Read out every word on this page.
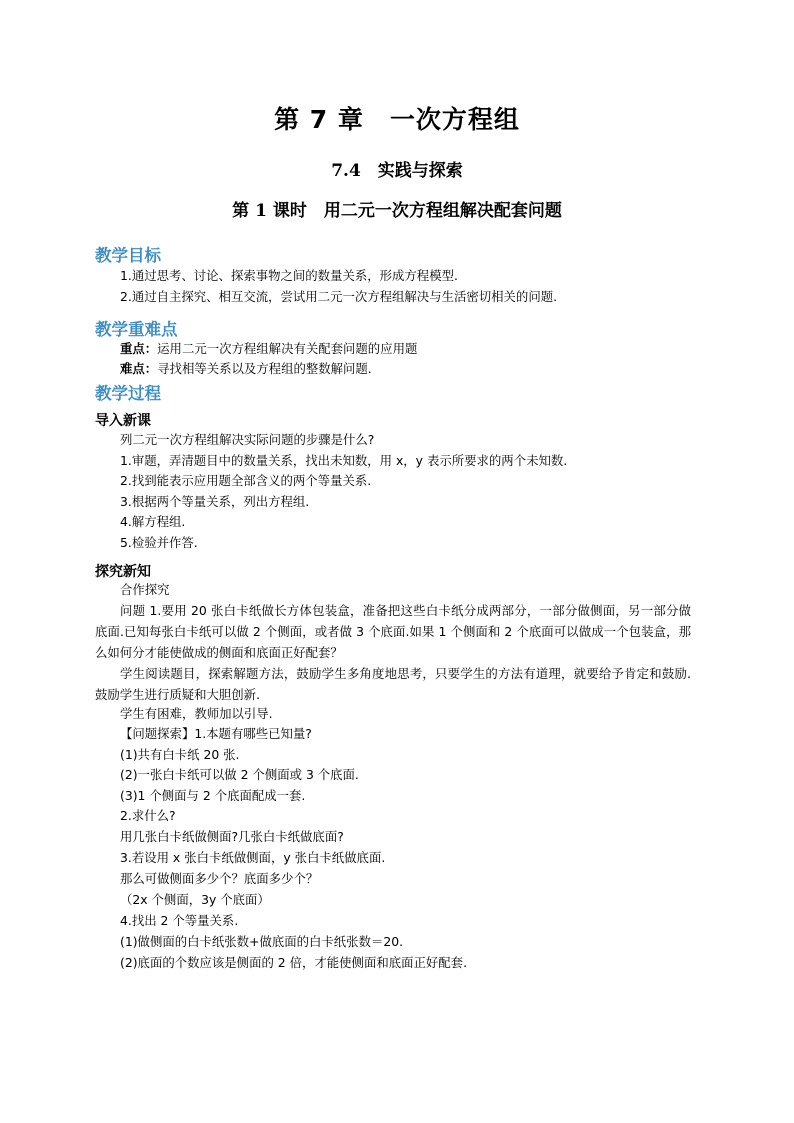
第 7 章　一次方程组
7.4　实践与探索
第 1 课时　用二元一次方程组解决配套问题
教学目标
1.通过思考、讨论、探索事物之间的数量关系，形成方程模型.
2.通过自主探究、相互交流，尝试用二元一次方程组解决与生活密切相关的问题.
教学重难点
重点：运用二元一次方程组解决有关配套问题的应用题
难点：寻找相等关系以及方程组的整数解问题.
教学过程
导入新课
列二元一次方程组解决实际问题的步骤是什么?
1.审题，弄清题目中的数量关系，找出未知数，用 x，y 表示所要求的两个未知数.
2.找到能表示应用题全部含义的两个等量关系.
3.根据两个等量关系，列出方程组.
4.解方程组.
5.检验并作答.
探究新知
合作探究
问题 1.要用 20 张白卡纸做长方体包装盒，准备把这些白卡纸分成两部分，一部分做侧面，另一部分做底面.已知每张白卡纸可以做 2 个侧面，或者做 3 个底面.如果 1 个侧面和 2 个底面可以做成一个包装盒，那么如何分才能使做成的侧面和底面正好配套？
学生阅读题目，探索解题方法，鼓励学生多角度地思考，只要学生的方法有道理，就要给予肯定和鼓励.鼓励学生进行质疑和大胆创新.
学生有困难，教师加以引导.
【问题探索】1.本题有哪些已知量?
(1)共有白卡纸 20 张.
(2)一张白卡纸可以做 2 个侧面或 3 个底面.
(3)1 个侧面与 2 个底面配成一套.
2.求什么?
用几张白卡纸做侧面?几张白卡纸做底面?
3.若设用 x 张白卡纸做侧面，y 张白卡纸做底面.
那么可做侧面多少个？底面多少个？
（2x 个侧面，3y 个底面）
4.找出 2 个等量关系.
(1)做侧面的白卡纸张数+做底面的白卡纸张数＝20.
(2)底面的个数应该是侧面的 2 倍，才能使侧面和底面正好配套.
